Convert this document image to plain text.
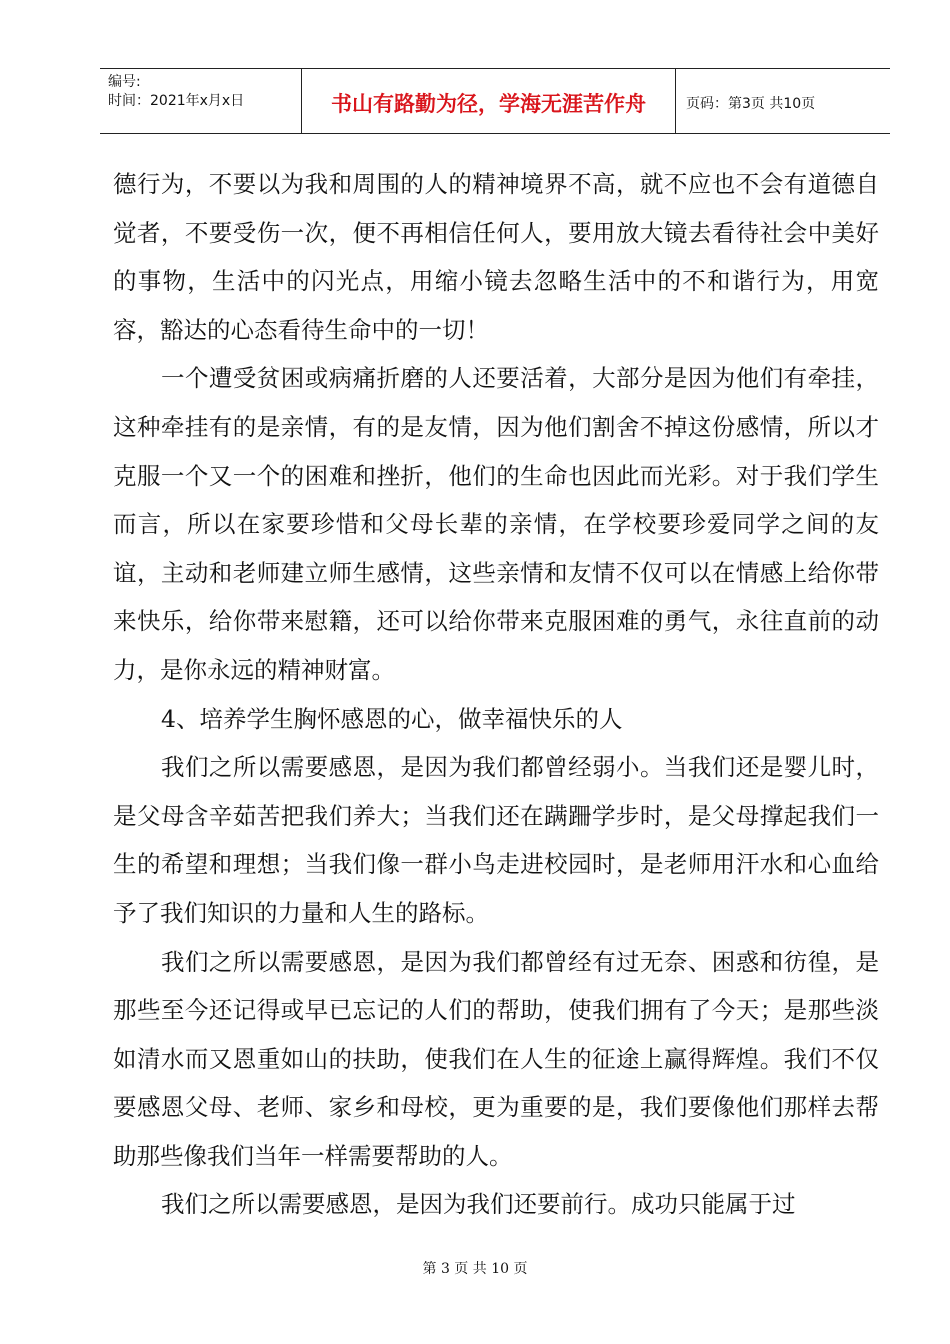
编号:
时间：2021年x月x日	书山有路勤为径，学海无涯苦作舟	页码：第3页 共10页

德行为，不要以为我和周围的人的精神境界不高，就不应也不会有道德自觉者，不要受伤一次，便不再相信任何人，要用放大镜去看待社会中美好的事物，生活中的闪光点，用缩小镜去忽略生活中的不和谐行为，用宽容，豁达的心态看待生命中的一切！

一个遭受贫困或病痛折磨的人还要活着，大部分是因为他们有牵挂，这种牵挂有的是亲情，有的是友情，因为他们割舍不掉这份感情，所以才克服一个又一个的困难和挫折，他们的生命也因此而光彩。对于我们学生而言，所以在家要珍惜和父母长辈的亲情，在学校要珍爱同学之间的友谊，主动和老师建立师生感情，这些亲情和友情不仅可以在情感上给你带来快乐，给你带来慰籍，还可以给你带来克服困难的勇气，永往直前的动力，是你永远的精神财富。

4、培养学生胸怀感恩的心，做幸福快乐的人

我们之所以需要感恩，是因为我们都曾经弱小。当我们还是婴儿时，是父母含辛茹苦把我们养大；当我们还在蹒跚学步时，是父母撑起我们一生的希望和理想；当我们像一群小鸟走进校园时，是老师用汗水和心血给予了我们知识的力量和人生的路标。

我们之所以需要感恩，是因为我们都曾经有过无奈、困惑和彷徨，是那些至今还记得或早已忘记的人们的帮助，使我们拥有了今天；是那些淡如清水而又恩重如山的扶助，使我们在人生的征途上赢得辉煌。我们不仅要感恩父母、老师、家乡和母校，更为重要的是，我们要像他们那样去帮助那些像我们当年一样需要帮助的人。

我们之所以需要感恩，是因为我们还要前行。成功只能属于过

第 3 页 共 10 页
